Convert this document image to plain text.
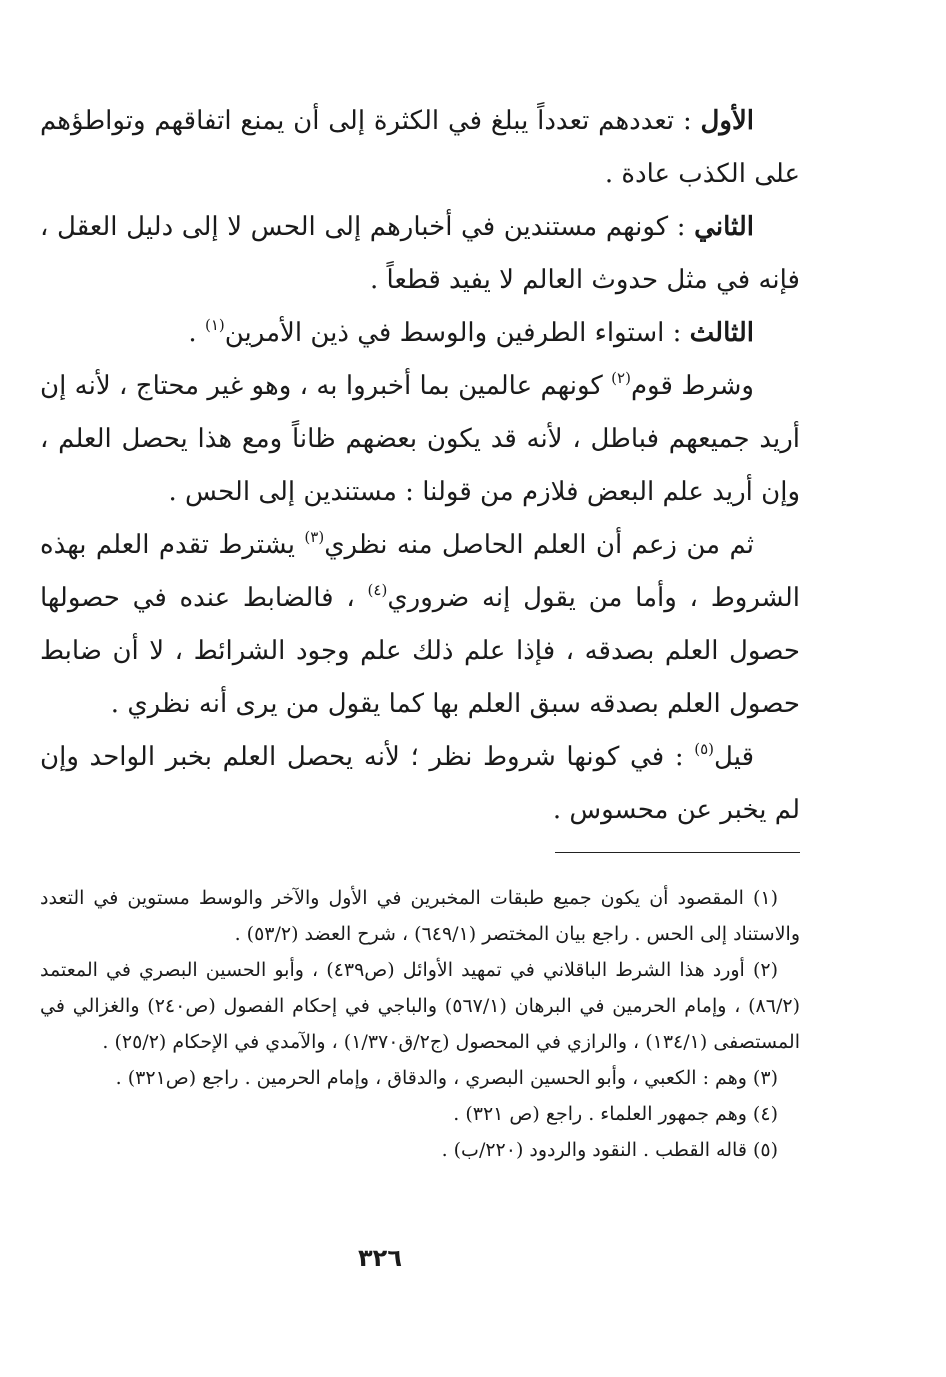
الأول : تعددهم تعدداً يبلغ في الكثرة إلى أن يمنع اتفاقهم وتواطؤهم على الكذب عادة .

الثاني : كونهم مستندين في أخبارهم إلى الحس لا إلى دليل العقل ، فإنه في مثل حدوث العالم لا يفيد قطعاً .

الثالث : استواء الطرفين والوسط في ذين الأمرين$^{(١)}$ .

وشرط قوم$^{(٢)}$ كونهم عالمين بما أخبروا به ، وهو غير محتاج ، لأنه إن أريد جميعهم فباطل ، لأنه قد يكون بعضهم ظاناً ومع هذا يحصل العلم ، وإن أريد علم البعض فلازم من قولنا : مستندين إلى الحس .

ثم من زعم أن العلم الحاصل منه نظري$^{(٣)}$ يشترط تقدم العلم بهذه الشروط ، وأما من يقول إنه ضروري$^{(٤)}$ ، فالضابط عنده في حصولها حصول العلم بصدقه ، فإذا علم ذلك علم وجود الشرائط ، لا أن ضابط حصول العلم بصدقه سبق العلم بها كما يقول من يرى أنه نظري .

قيل$^{(٥)}$ : في كونها شروط نظر ؛ لأنه يحصل العلم بخبر الواحد وإن لم يخبر عن محسوس .

(١) المقصود أن يكون جميع طبقات المخبرين في الأول والآخر والوسط مستوين في التعدد والاستناد إلى الحس . راجع بيان المختصر (٦٤٩/١) ، شرح العضد (٥٣/٢) .

(٢) أورد هذا الشرط الباقلاني في تمهيد الأوائل (ص٤٣٩) ، وأبو الحسين البصري في المعتمد (٨٦/٢) ، وإمام الحرمين في البرهان (٥٦٧/١) والباجي في إحكام الفصول (ص٢٤٠) والغزالي في المستصفى (١٣٤/١) ، والرازي في المحصول (ج٢/ق١/٣٧٠) ، والآمدي في الإحكام (٢٥/٢) .

(٣) وهم : الكعبي ، وأبو الحسين البصري ، والدقاق ، وإمام الحرمين . راجع (ص٣٢١) .

(٤) وهم جمهور العلماء . راجع (ص ٣٢١) .

(٥) قاله القطب . النقود والردود (٢٢٠/ب) .

٣٢٦
